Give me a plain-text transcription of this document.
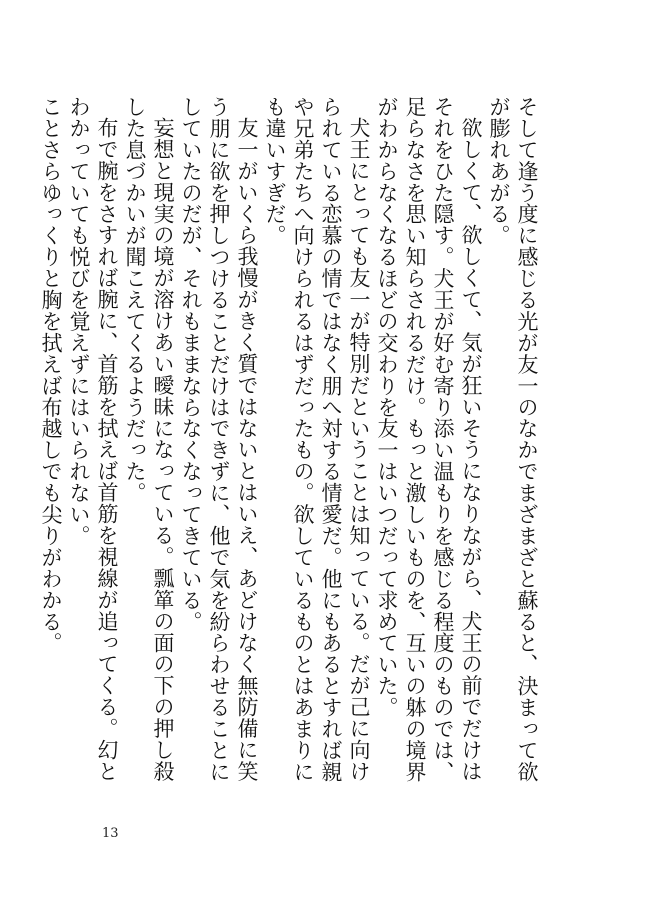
そして逢う度に感じる光が友一のなかでまざまざと蘇ると、決まって欲が膨れあがる。

欲しくて、欲しくて、気が狂いそうになりながら、犬王の前でだけはそれをひた隠す。犬王が好む寄り添い温もりを感じる程度のものでは、足らなさを思い知らされるだけ。もっと激しいものを、互いの躰の境界がわからなくなるほどの交わりを友一はいつだって求めていた。

犬王にとっても友一が特別だということは知っている。だが己に向けられている恋慕の情ではなく朋へ対する情愛だ。他にもあるとすれば親や兄弟たちへ向けられるはずだったもの。欲しているものとはあまりにも違いすぎだ。

友一がいくら我慢がきく質ではないとはいえ、あどけなく無防備に笑う朋に欲を押しつけることだけはできずに、他で気を紛らわせることにしていたのだが、それもままならなくなってきている。

妄想と現実の境が溶けあい曖昧になっている。瓢箪の面の下の押し殺した息づかいが聞こえてくるようだった。

布で腕をさすれば腕に、首筋を拭えば首筋を視線が追ってくる。幻とわかっていても悦びを覚えずにはいられない。

ことさらゆっくりと胸を拭えば布越しでも尖りがわかる。

13
